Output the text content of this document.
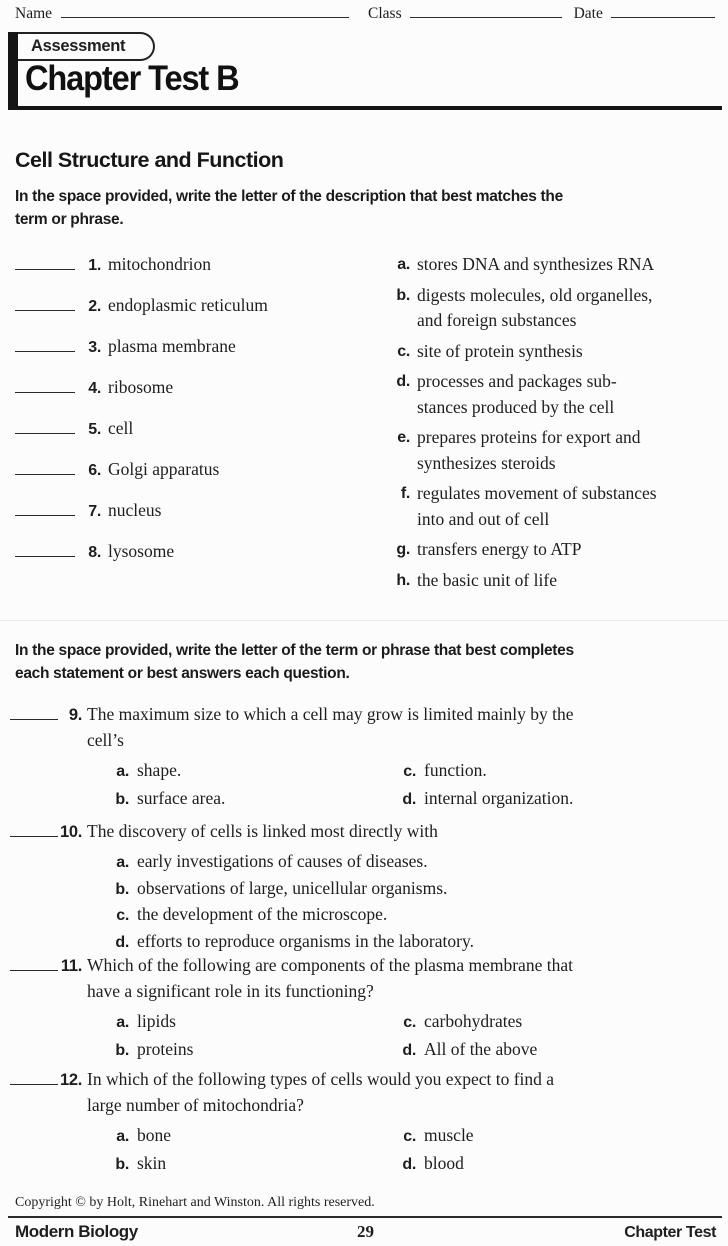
Name	Class	Date
Assessment
Chapter Test B
Cell Structure and Function
In the space provided, write the letter of the description that best matches the
term or phrase.
1. mitochondrion
2. endoplasmic reticulum
3. plasma membrane
4. ribosome
5. cell
6. Golgi apparatus
7. nucleus
8. lysosome
a. stores DNA and synthesizes RNA
b. digests molecules, old organelles,
and foreign substances
c. site of protein synthesis
d. processes and packages sub-
stances produced by the cell
e. prepares proteins for export and
synthesizes steroids
f. regulates movement of substances
into and out of cell
g. transfers energy to ATP
h. the basic unit of life
In the space provided, write the letter of the term or phrase that best completes
each statement or best answers each question.
9. The maximum size to which a cell may grow is limited mainly by the
cell’s
a. shape.	c. function.
b. surface area.	d. internal organization.
10. The discovery of cells is linked most directly with
a. early investigations of causes of diseases.
b. observations of large, unicellular organisms.
c. the development of the microscope.
d. efforts to reproduce organisms in the laboratory.
11. Which of the following are components of the plasma membrane that
have a significant role in its functioning?
a. lipids	c. carbohydrates
b. proteins	d. All of the above
12. In which of the following types of cells would you expect to find a
large number of mitochondria?
a. bone	c. muscle
b. skin	d. blood
Copyright © by Holt, Rinehart and Winston. All rights reserved.
Modern Biology	29	Chapter Test
